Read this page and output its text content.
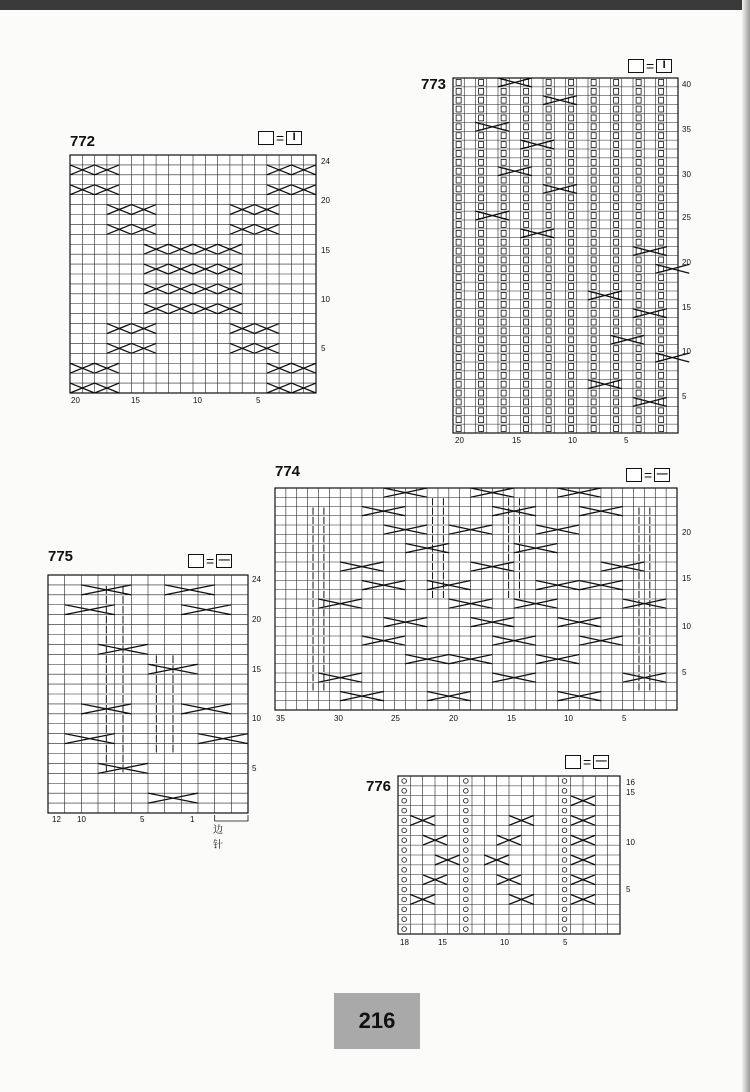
772	= I
24
20
15
10
5
20	15	10	5
773
= I
40
35
30
25
20
15
10
5
20	15	10	5
774	= —
20
15
10
5
35	30	25	20	15	10	5
775	= —
24
20
15
10
5
12 10	5	1
边针
776
= —
16
15
10
5
18	15	10	5
216
